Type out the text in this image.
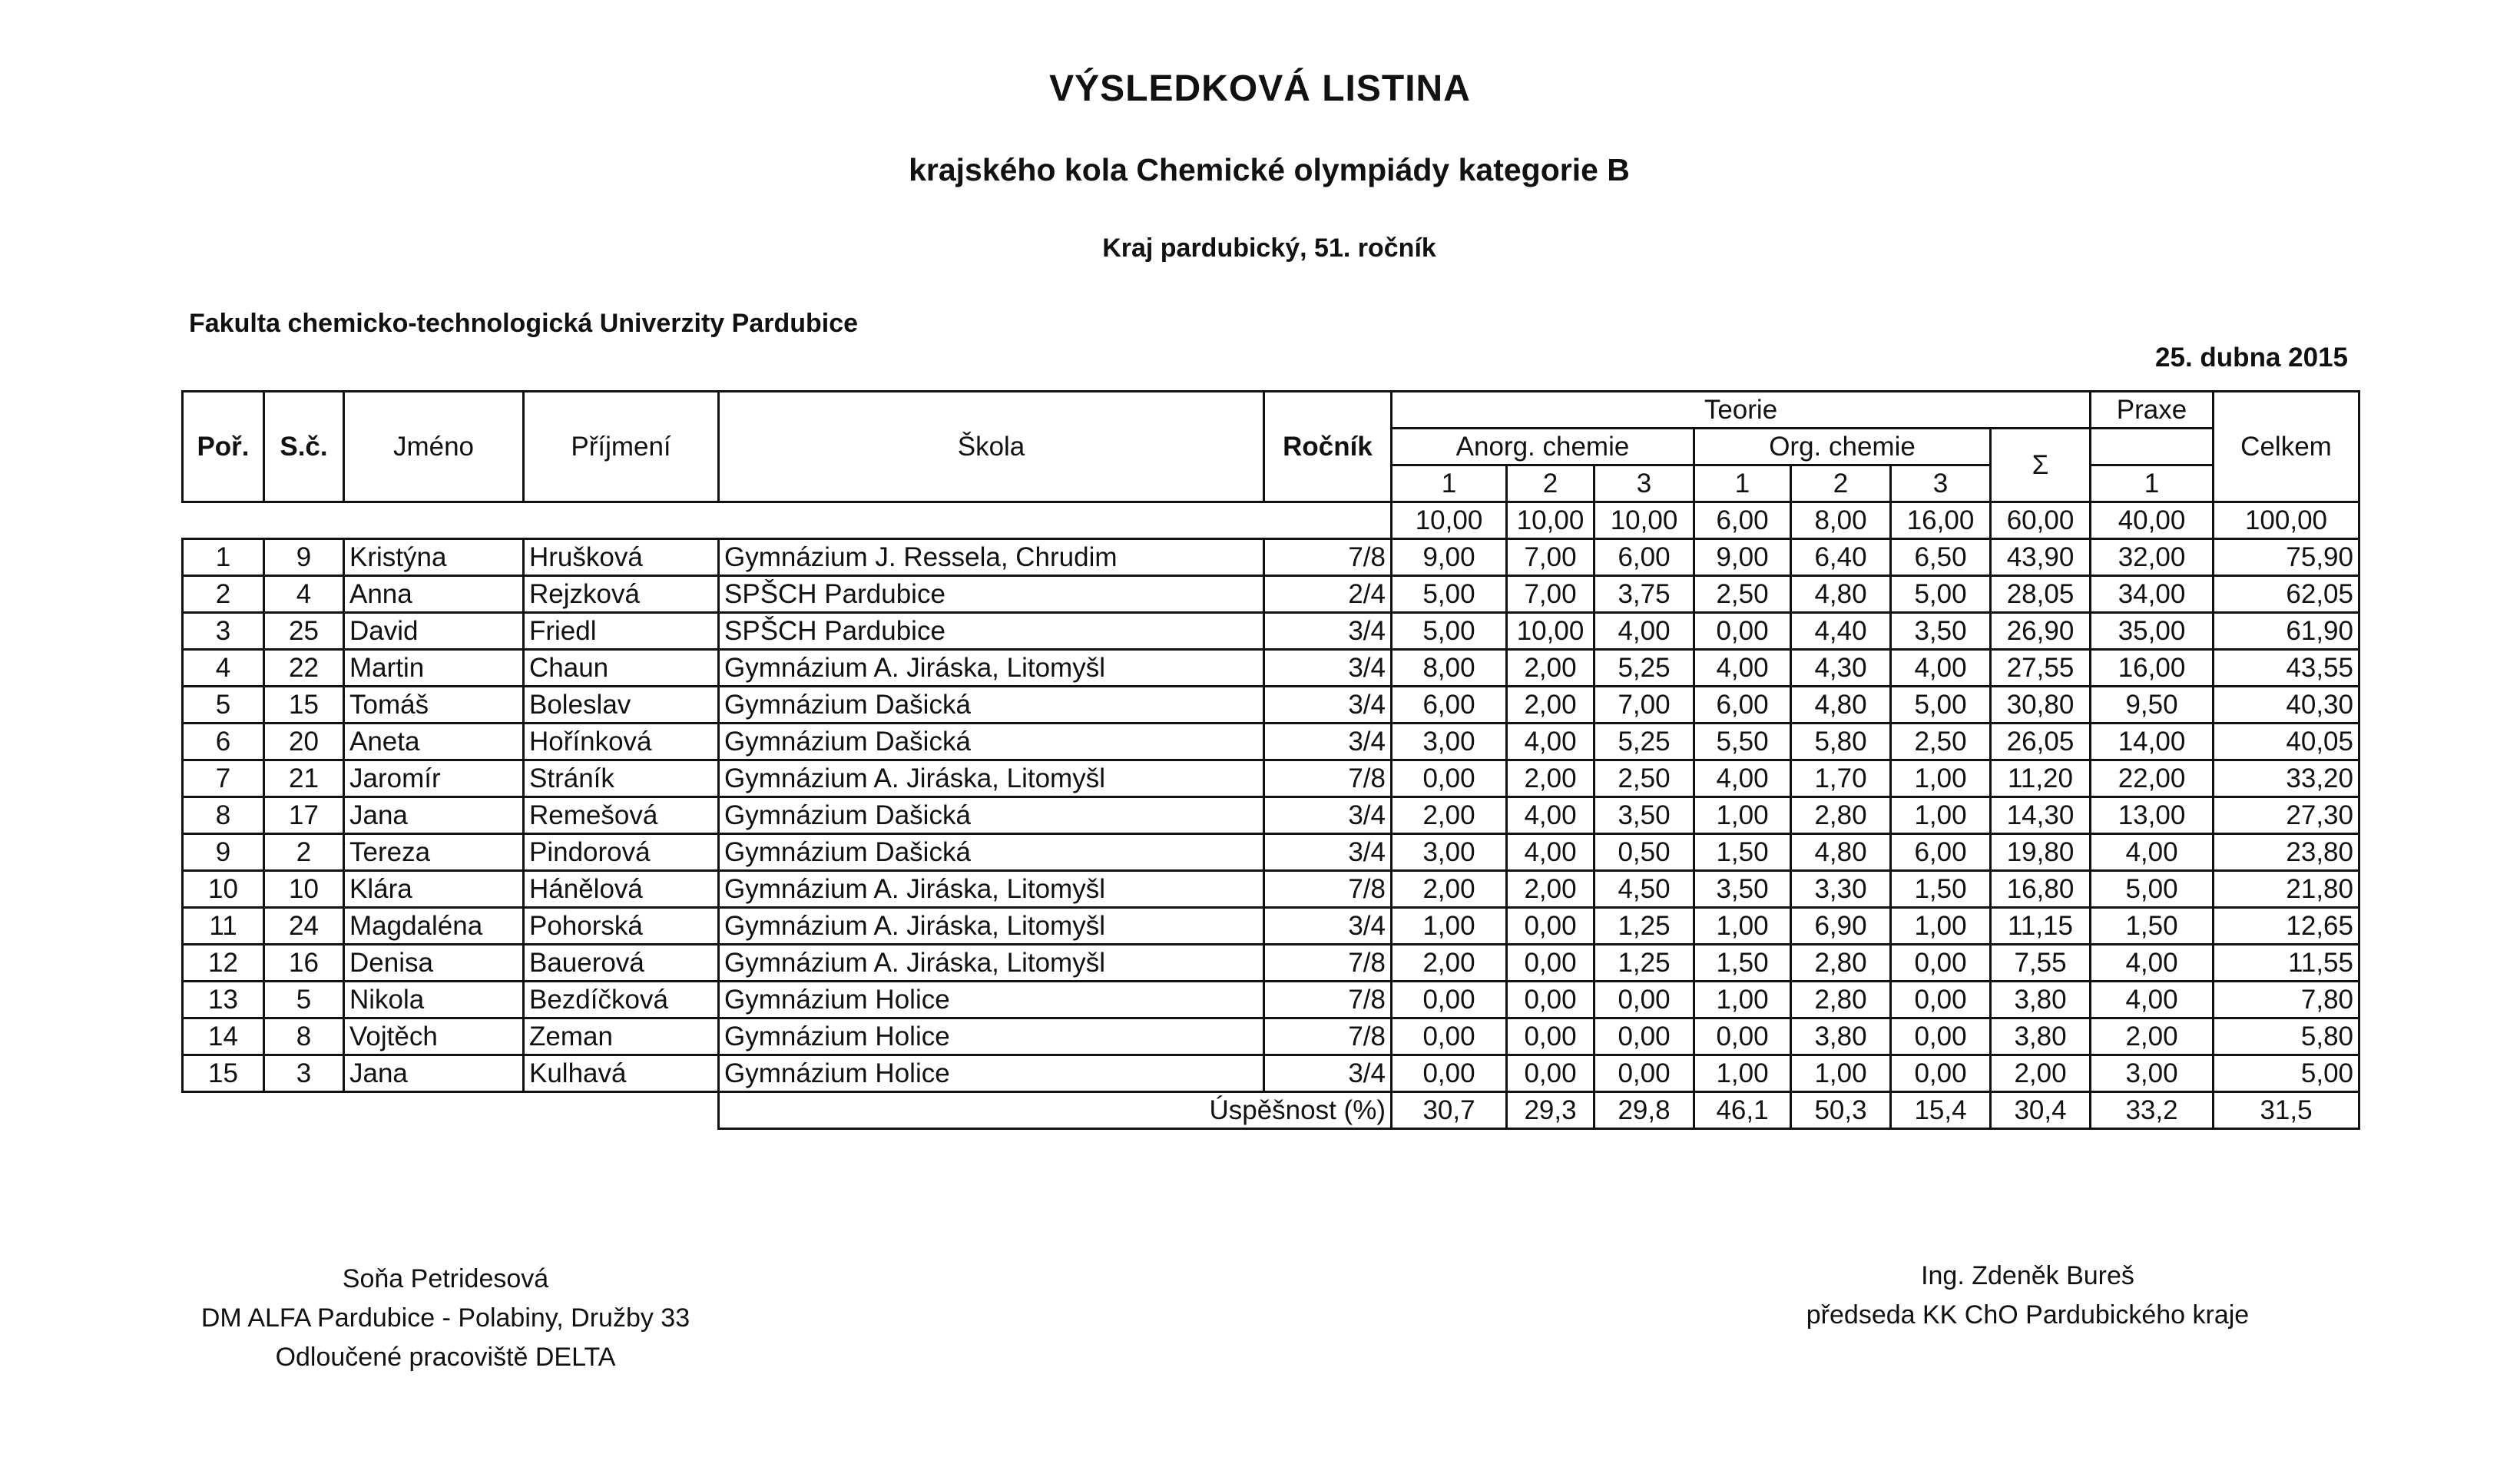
VÝSLEDKOVÁ LISTINA
krajského kola Chemické olympiády kategorie B
Kraj pardubický, 51. ročník
Fakulta chemicko-technologická Univerzity Pardubice
25. dubna 2015
Poř.	S.č.	Jméno	Příjmení	Škola	Ročník	Teorie							Praxe	Celkem
						Anorg. chemie			Org. chemie			Σ		
						1	2	3	1	2	3		1	
						10,00	10,00	10,00	6,00	8,00	16,00	60,00	40,00	100,00
1	9	Kristýna	Hrušková	Gymnázium J. Ressela, Chrudim	7/8	9,00	7,00	6,00	9,00	6,40	6,50	43,90	32,00	75,90
2	4	Anna	Rejzková	SPŠCH Pardubice	2/4	5,00	7,00	3,75	2,50	4,80	5,00	28,05	34,00	62,05
3	25	David	Friedl	SPŠCH Pardubice	3/4	5,00	10,00	4,00	0,00	4,40	3,50	26,90	35,00	61,90
4	22	Martin	Chaun	Gymnázium A. Jiráska, Litomyšl	3/4	8,00	2,00	5,25	4,00	4,30	4,00	27,55	16,00	43,55
5	15	Tomáš	Boleslav	Gymnázium Dašická	3/4	6,00	2,00	7,00	6,00	4,80	5,00	30,80	9,50	40,30
6	20	Aneta	Hořínková	Gymnázium Dašická	3/4	3,00	4,00	5,25	5,50	5,80	2,50	26,05	14,00	40,05
7	21	Jaromír	Stráník	Gymnázium A. Jiráska, Litomyšl	7/8	0,00	2,00	2,50	4,00	1,70	1,00	11,20	22,00	33,20
8	17	Jana	Remešová	Gymnázium Dašická	3/4	2,00	4,00	3,50	1,00	2,80	1,00	14,30	13,00	27,30
9	2	Tereza	Pindorová	Gymnázium Dašická	3/4	3,00	4,00	0,50	1,50	4,80	6,00	19,80	4,00	23,80
10	10	Klára	Hánělová	Gymnázium A. Jiráska, Litomyšl	7/8	2,00	2,00	4,50	3,50	3,30	1,50	16,80	5,00	21,80
11	24	Magdaléna	Pohorská	Gymnázium A. Jiráska, Litomyšl	3/4	1,00	0,00	1,25	1,00	6,90	1,00	11,15	1,50	12,65
12	16	Denisa	Bauerová	Gymnázium A. Jiráska, Litomyšl	7/8	2,00	0,00	1,25	1,50	2,80	0,00	7,55	4,00	11,55
13	5	Nikola	Bezdíčková	Gymnázium Holice	7/8	0,00	0,00	0,00	1,00	2,80	0,00	3,80	4,00	7,80
14	8	Vojtěch	Zeman	Gymnázium Holice	7/8	0,00	0,00	0,00	0,00	3,80	0,00	3,80	2,00	5,80
15	3	Jana	Kulhavá	Gymnázium Holice	3/4	0,00	0,00	0,00	1,00	1,00	0,00	2,00	3,00	5,00
				Úspěšnost (%)		30,7	29,3	29,8	46,1	50,3	15,4	30,4	33,2	31,5
Soňa Petridesová
DM ALFA Pardubice - Polabiny, Družby 33
Odloučené pracoviště DELTA
Ing. Zdeněk Bureš
předseda KK ChO Pardubického kraje
